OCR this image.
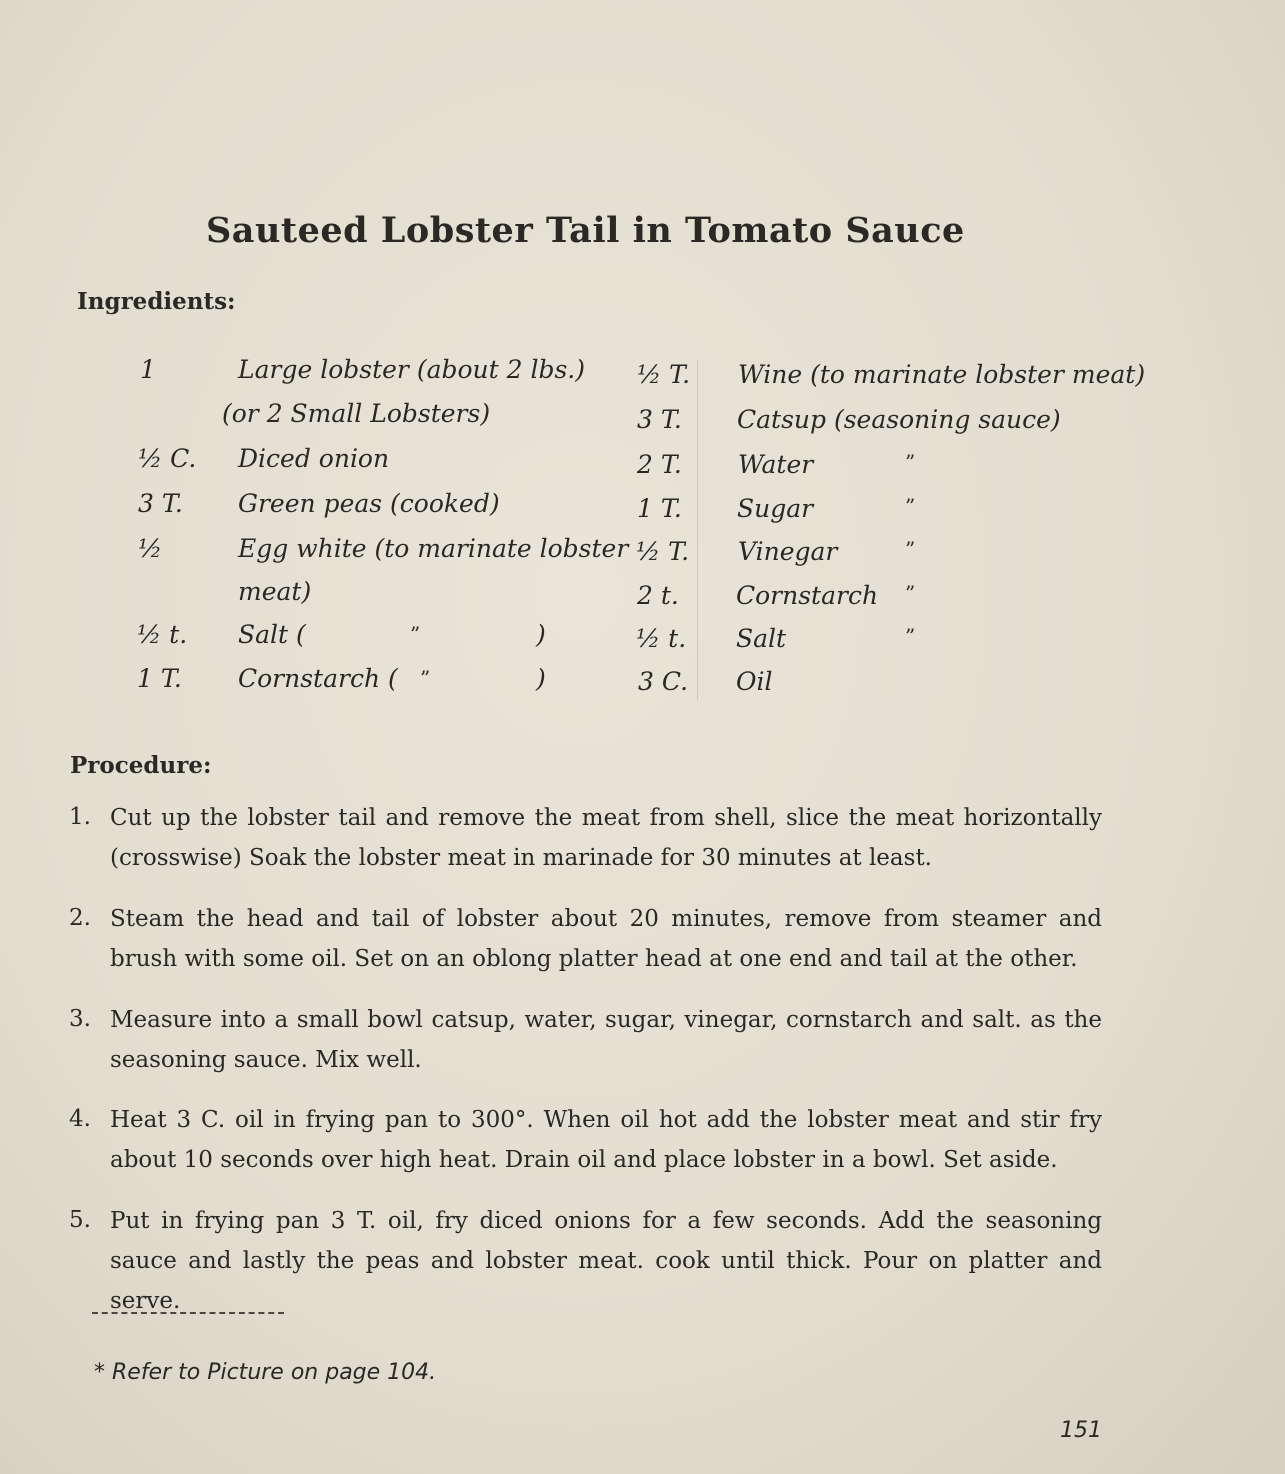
Sauteed Lobster Tail in Tomato Sauce
Ingredients:
1	Large lobster (about 2 lbs.)
(or 2 Small Lobsters)
½ C. Diced onion
3 T. Green peas (cooked)
½	Egg white (to marinate lobster
meat)
½ t. Salt (	”	)
1 T. Cornstarch ( ”	)
½ T. Wine (to marinate lobster meat)
3 T. Catsup (seasoning sauce)
2 T. Water	”
1 T. Sugar	”
½ T. Vinegar	”
2 t. Cornstarch ”
½ t. Salt	”
3 C. Oil
Procedure:
1. Cut up the lobster tail and remove the meat from shell, slice the meat horizontally (crosswise) Soak the lobster meat in marinade for 30 minutes at least.
2. Steam the head and tail of lobster about 20 minutes, remove from steamer and brush with some oil. Set on an oblong platter head at one end and tail at the other.
3. Measure into a small bowl catsup, water, sugar, vinegar, cornstarch and salt. as the seasoning sauce. Mix well.
4. Heat 3 C. oil in frying pan to 300°. When oil hot add the lobster meat and stir fry about 10 seconds over high heat. Drain oil and place lobster in a bowl. Set aside.
5. Put in frying pan 3 T. oil, fry diced onions for a few seconds. Add the seasoning sauce and lastly the peas and lobster meat. cook until thick. Pour on platter and serve.
* Refer to Picture on page 104.
151
